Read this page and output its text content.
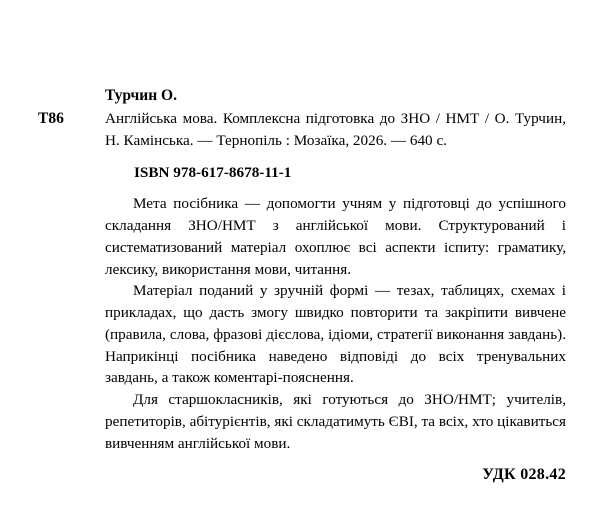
Турчин О.
Т86	Англійська мова. Комплексна підготовка до ЗНО / НМТ / О. Турчин, Н. Камінська. — Тернопіль : Мозаїка, 2026. — 640 с.
ISBN 978-617-8678-11-1

Мета посібника — допомогти учням у підготовці до успішного складання ЗНО/НМТ з англійської мови. Структурований і систематизований матеріал охоплює всі аспекти іспиту: граматику, лексику, використання мови, читання.

Матеріал поданий у зручній формі — тезах, таблицях, схемах і прикладах, що дасть змогу швидко повторити та закріпити вивчене (правила, слова, фразові дієслова, ідіоми, стратегії виконання завдань). Наприкінці посібника наведено відповіді до всіх тренувальних завдань, а також коментарі-пояснення.

Для старшокласників, які готуються до ЗНО/НМТ; учителів, репетиторів, абітурієнтів, які складатимуть ЄВІ, та всіх, хто цікавиться вивченням англійської мови.

УДК 028.42
